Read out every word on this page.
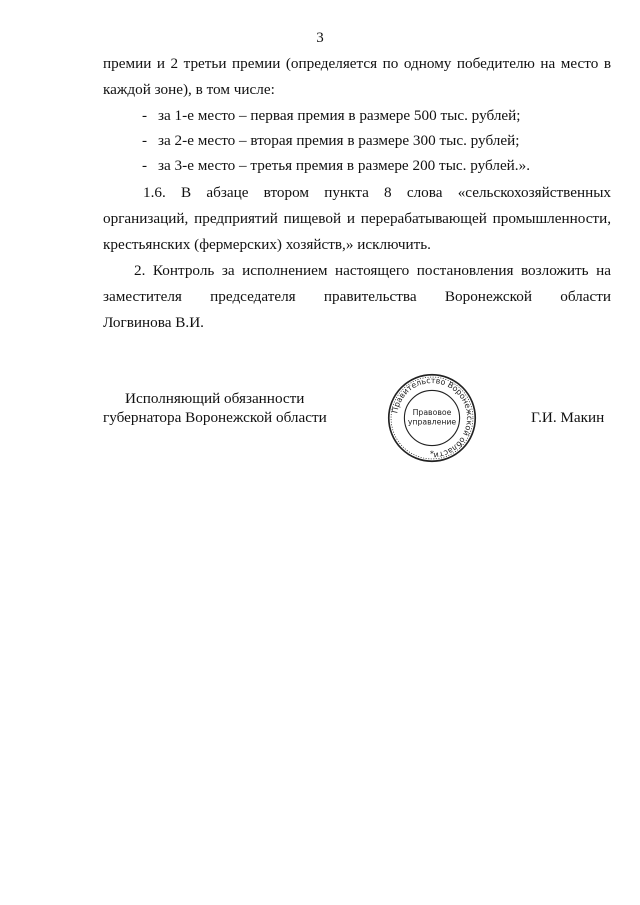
3
премии и 2 третьи премии (определяется по одному победителю на место в
каждой зоне), в том числе:
- за 1-е место – первая премия в размере 500 тыс. рублей;
- за 2-е место – вторая премия в размере 300 тыс. рублей;
- за 3-е место – третья премия в размере 200 тыс. рублей.».
1.6. В абзаце втором пункта 8 слова «сельскохозяйственных
организаций, предприятий пищевой и перерабатывающей промышленности,
крестьянских (фермерских) хозяйств,» исключить.
2. Контроль за исполнением настоящего постановления возложить на
заместителя председателя правительства Воронежской области
Логвинова В.И.
Исполняющий обязанности
губернатора Воронежской области	Г.И. Макин
Правительство Воронежской области
Правовое
управление
*
